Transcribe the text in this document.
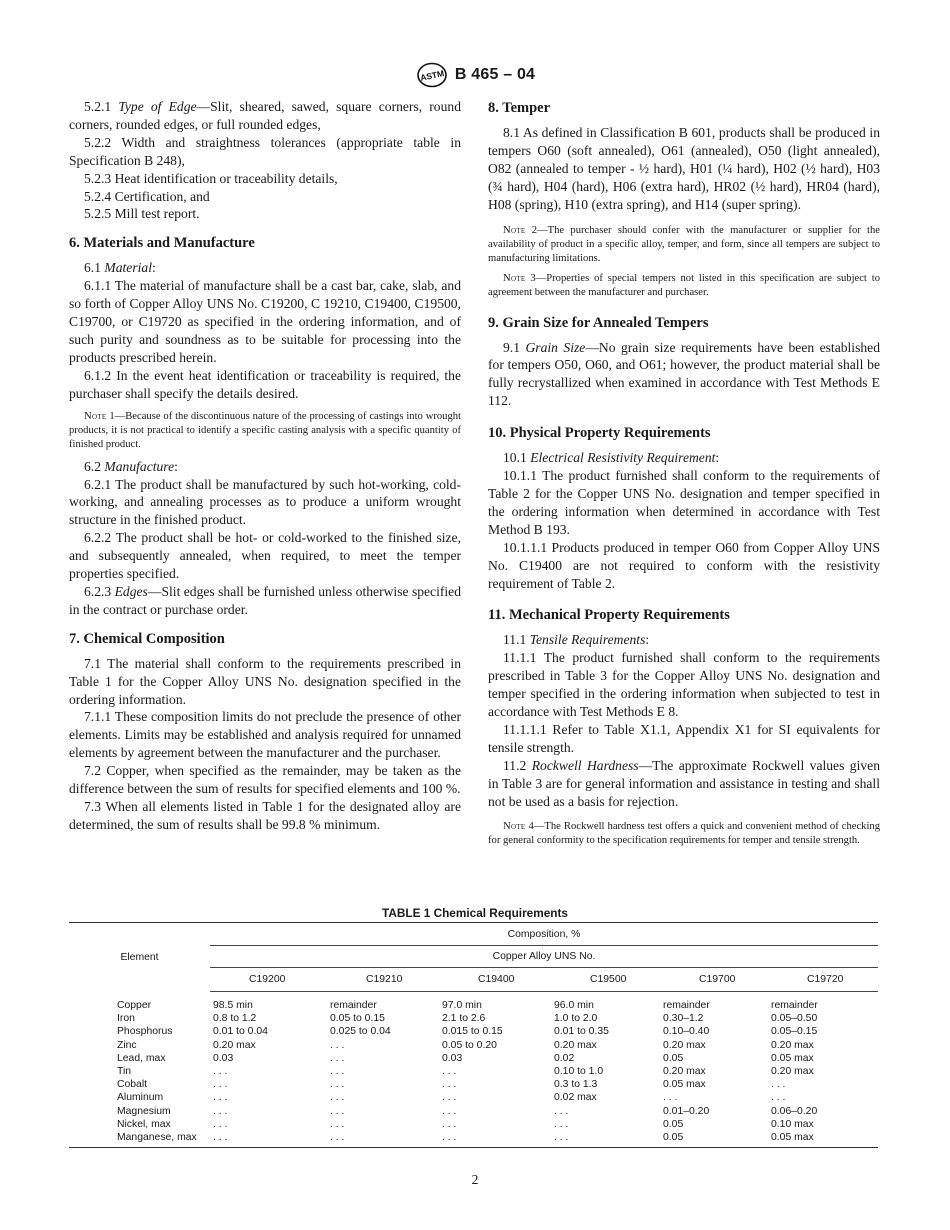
ASTM B 465 – 04

5.2.1 Type of Edge—Slit, sheared, sawed, square corners, round corners, rounded edges, or full rounded edges,

5.2.2 Width and straightness tolerances (appropriate table in Specification B 248),

5.2.3 Heat identification or traceability details,

5.2.4 Certification, and

5.2.5 Mill test report.

6. Materials and Manufacture

6.1 Material:

6.1.1 The material of manufacture shall be a cast bar, cake, slab, and so forth of Copper Alloy UNS No. C19200, C 19210, C19400, C19500, C19700, or C19720 as specified in the ordering information, and of such purity and soundness as to be suitable for processing into the products prescribed herein.

6.1.2 In the event heat identification or traceability is required, the purchaser shall specify the details desired.

Note 1—Because of the discontinuous nature of the processing of castings into wrought products, it is not practical to identify a specific casting analysis with a specific quantity of finished product.

6.2 Manufacture:

6.2.1 The product shall be manufactured by such hot-working, cold-working, and annealing processes as to produce a uniform wrought structure in the finished product.

6.2.2 The product shall be hot- or cold-worked to the finished size, and subsequently annealed, when required, to meet the temper properties specified.

6.2.3 Edges—Slit edges shall be furnished unless otherwise specified in the contract or purchase order.

7. Chemical Composition

7.1 The material shall conform to the requirements prescribed in Table 1 for the Copper Alloy UNS No. designation specified in the ordering information.

7.1.1 These composition limits do not preclude the presence of other elements. Limits may be established and analysis required for unnamed elements by agreement between the manufacturer and the purchaser.

7.2 Copper, when specified as the remainder, may be taken as the difference between the sum of results for specified elements and 100 %.

7.3 When all elements listed in Table 1 for the designated alloy are determined, the sum of results shall be 99.8 % minimum.

8. Temper

8.1 As defined in Classification B 601, products shall be produced in tempers O60 (soft annealed), O61 (annealed), O50 (light annealed), O82 (annealed to temper - ½ hard), H01 (¼ hard), H02 (½ hard), H03 (¾ hard), H04 (hard), H06 (extra hard), HR02 (½ hard), HR04 (hard), H08 (spring), H10 (extra spring), and H14 (super spring).

Note 2—The purchaser should confer with the manufacturer or supplier for the availability of product in a specific alloy, temper, and form, since all tempers are subject to manufacturing limitations.

Note 3—Properties of special tempers not listed in this specification are subject to agreement between the manufacturer and purchaser.

9. Grain Size for Annealed Tempers

9.1 Grain Size—No grain size requirements have been established for tempers O50, O60, and O61; however, the product material shall be fully recrystallized when examined in accordance with Test Methods E 112.

10. Physical Property Requirements

10.1 Electrical Resistivity Requirement:

10.1.1 The product furnished shall conform to the requirements of Table 2 for the Copper UNS No. designation and temper specified in the ordering information when determined in accordance with Test Method B 193.

10.1.1.1 Products produced in temper O60 from Copper Alloy UNS No. C19400 are not required to conform with the resistivity requirement of Table 2.

11. Mechanical Property Requirements

11.1 Tensile Requirements:

11.1.1 The product furnished shall conform to the requirements prescribed in Table 3 for the Copper Alloy UNS No. designation and temper specified in the ordering information when subjected to test in accordance with Test Methods E 8.

11.1.1.1 Refer to Table X1.1, Appendix X1 for SI equivalents for tensile strength.

11.2 Rockwell Hardness—The approximate Rockwell values given in Table 3 are for general information and assistance in testing and shall not be used as a basis for rejection.

Note 4—The Rockwell hardness test offers a quick and convenient method of checking for general conformity to the specification requirements for temper and tensile strength.

TABLE 1 Chemical Requirements
Element	Composition, %					
	Copper Alloy UNS No.					
	C19200	C19210	C19400	C19500	C19700	C19720
Copper	98.5 min	remainder	97.0 min	96.0 min	remainder	remainder
Iron	0.8 to 1.2	0.05 to 0.15	2.1 to 2.6	1.0 to 2.0	0.30–1.2	0.05–0.50
Phosphorus	0.01 to 0.04	0.025 to 0.04	0.015 to 0.15	0.01 to 0.35	0.10–0.40	0.05–0.15
Zinc	0.20 max	. . .	0.05 to 0.20	0.20 max	0.20 max	0.20 max
Lead, max	0.03	. . .	0.03	0.02	0.05	0.05 max
Tin	. . .	. . .	. . .	0.10 to 1.0	0.20 max	0.20 max
Cobalt	. . .	. . .	. . .	0.3 to 1.3	0.05 max	. . .
Aluminum	. . .	. . .	. . .	0.02 max	. . .	. . .
Magnesium	. . .	. . .	. . .	. . .	0.01–0.20	0.06–0.20
Nickel, max	. . .	. . .	. . .	. . .	0.05	0.10 max
Manganese, max	. . .	. . .	. . .	. . .	0.05	0.05 max
2
